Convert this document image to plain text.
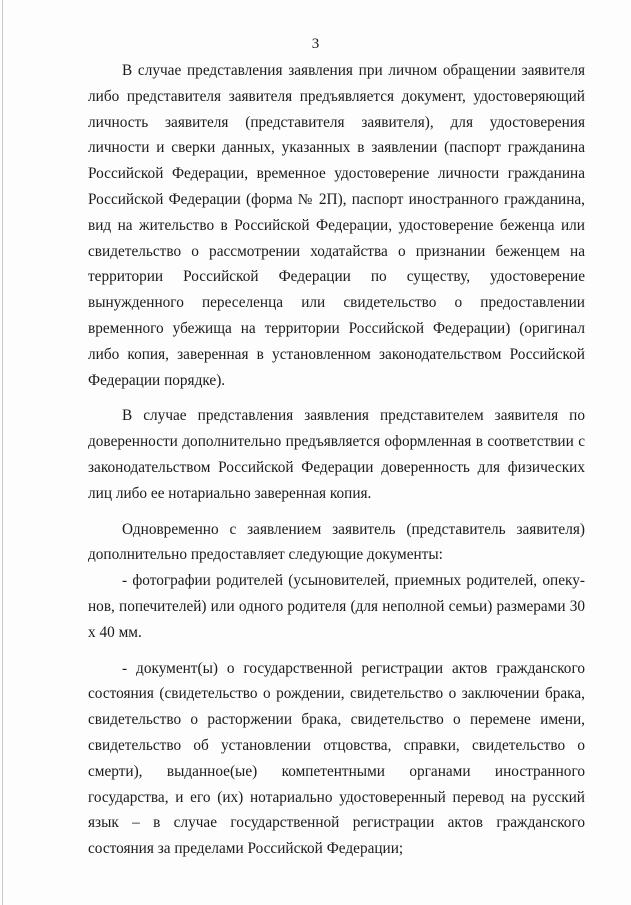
3

В случае представления заявления при личном обращении заявителя либо представителя заявителя предъявляется документ, удостоверяющий личность заявителя (представителя заявителя), для удостоверения личности и сверки данных, указанных в заявлении (паспорт гражданина Российской Федерации, временное удостоверение личности гражданина Российской Федерации (форма № 2П), паспорт иностранного гражданина, вид на жительство в Российской Федерации, удостоверение беженца или свидетельство о рассмотрении ходатайства о признании беженцем на территории Российской Федерации по существу, удостоверение вынужденного переселенца или свидетельство о предоставлении временного убежища на территории Российской Федерации) (оригинал либо копия, заверенная в установленном законодательством Российской Федерации порядке).

В случае представления заявления представителем заявителя по доверенности дополнительно предъявляется оформленная в соответствии с законодательством Российской Федерации доверенность для физических лиц либо ее нотариально заверенная копия.

Одновременно с заявлением заявитель (представитель заявителя) дополнительно предоставляет следующие документы:

- фотографии родителей (усыновителей, приемных родителей, опеку-нов, попечителей) или одного родителя (для неполной семьи) размерами 30 х 40 мм.

- документ(ы) о государственной регистрации актов гражданского состояния (свидетельство о рождении, свидетельство о заключении брака, свидетельство о расторжении брака, свидетельство о перемене имени, свидетельство об установлении отцовства, справки, свидетельство о смерти), выданное(ые) компетентными органами иностранного государства, и его (их) нотариально удостоверенный перевод на русский язык – в случае государственной регистрации актов гражданского состояния за пределами Российской Федерации;
